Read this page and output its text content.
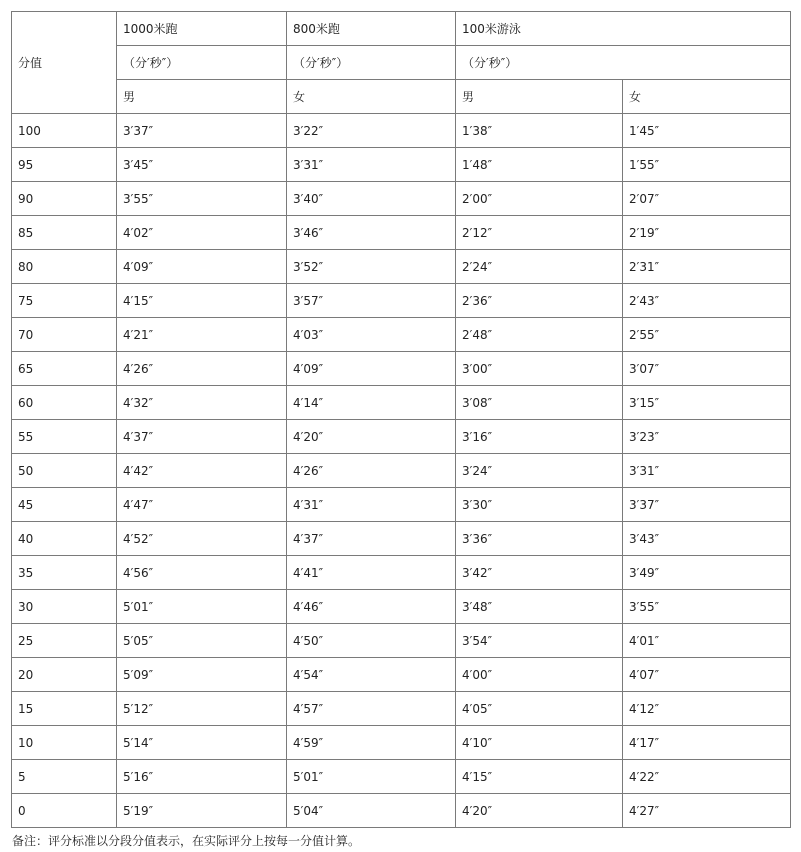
分值	1000米跑	800米跑	100米游泳	
	（分′秒″）	（分′秒″）	（分′秒″）	
	男	女	男	女
100	3′37″	3′22″	1′38″	1′45″
95	3′45″	3′31″	1′48″	1′55″
90	3′55″	3′40″	2′00″	2′07″
85	4′02″	3′46″	2′12″	2′19″
80	4′09″	3′52″	2′24″	2′31″
75	4′15″	3′57″	2′36″	2′43″
70	4′21″	4′03″	2′48″	2′55″
65	4′26″	4′09″	3′00″	3′07″
60	4′32″	4′14″	3′08″	3′15″
55	4′37″	4′20″	3′16″	3′23″
50	4′42″	4′26″	3′24″	3′31″
45	4′47″	4′31″	3′30″	3′37″
40	4′52″	4′37″	3′36″	3′43″
35	4′56″	4′41″	3′42″	3′49″
30	5′01″	4′46″	3′48″	3′55″
25	5′05″	4′50″	3′54″	4′01″
20	5′09″	4′54″	4′00″	4′07″
15	5′12″	4′57″	4′05″	4′12″
10	5′14″	4′59″	4′10″	4′17″
5	5′16″	5′01″	4′15″	4′22″
0	5′19″	5′04″	4′20″	4′27″
备注：评分标准以分段分值表示，在实际评分上按每一分值计算。
